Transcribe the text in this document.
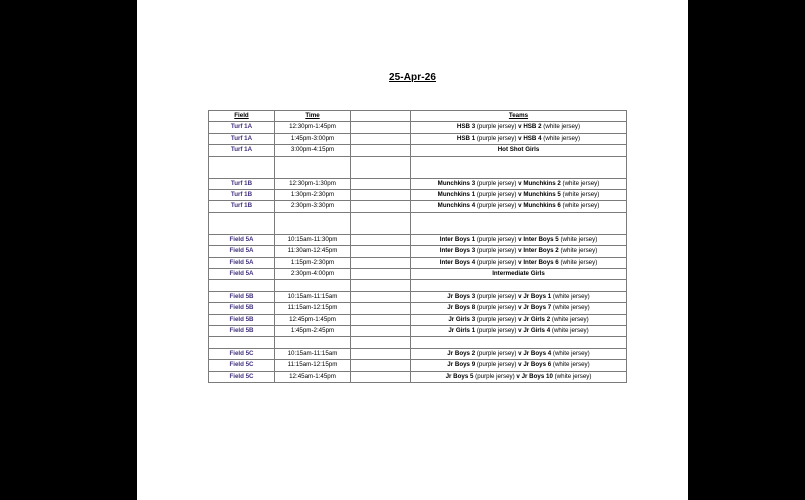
25-Apr-26
Field	Time		Teams
Turf 1A	12:30pm-1:45pm		HSB 3 (purple jersey) v HSB 2 (white jersey)
Turf 1A	1:45pm-3:00pm		HSB 1 (purple jersey) v HSB 4 (white jersey)
Turf 1A	3:00pm-4:15pm		Hot Shot Girls

Turf 1B	12:30pm-1:30pm		Munchkins 3 (purple jersey) v Munchkins 2 (white jersey)
Turf 1B	1:30pm-2:30pm		Munchkins 1 (purple jersey) v Munchkins 5 (white jersey)
Turf 1B	2:30pm-3:30pm		Munchkins 4 (purple jersey) v Munchkins 6 (white jersey)

Field 5A	10:15am-11:30pm		Inter Boys 1 (purple jersey) v Inter Boys 5 (white jersey)
Field 5A	11:30am-12:45pm		Inter Boys 3 (purple jersey) v Inter Boys 2 (white jersey)
Field 5A	1:15pm-2:30pm		Inter Boys 4 (purple jersey) v Inter Boys 6 (white jersey)
Field 5A	2:30pm-4:00pm		Intermediate Girls

Field 5B	10:15am-11:15am		Jr Boys 3 (purple jersey) v Jr Boys 1 (white jersey)
Field 5B	11:15am-12:15pm		Jr Boys 8 (purple jersey) v Jr Boys 7 (white jersey)
Field 5B	12:45pm-1:45pm		Jr Girls 3 (purple jersey) v Jr Girls 2 (white jersey)
Field 5B	1:45pm-2:45pm		Jr Girls 1 (purple jersey) v Jr Girls 4 (white jersey)

Field 5C	10:15am-11:15am		Jr Boys 2 (purple jersey) v Jr Boys 4 (white jersey)
Field 5C	11:15am-12:15pm		Jr Boys 9 (purple jersey) v Jr Boys 6 (white jersey)
Field 5C	12:45am-1:45pm		Jr Boys 5 (purple jersey) v Jr Boys 10 (white jersey)
